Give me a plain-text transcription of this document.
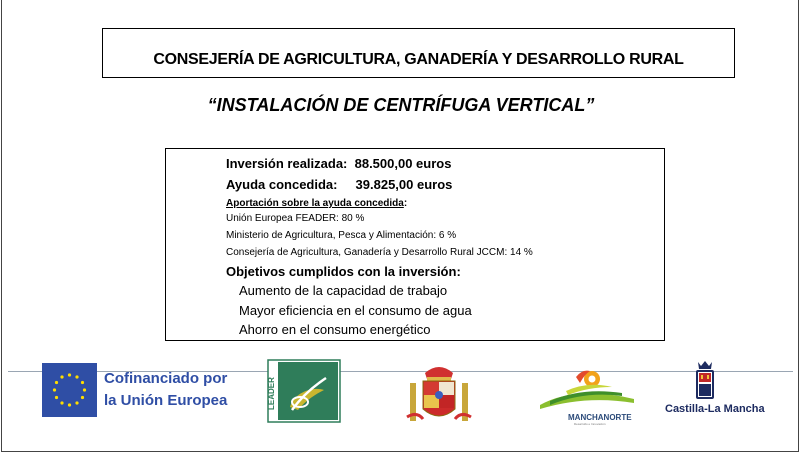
CONSEJERÍA DE AGRICULTURA, GANADERÍA Y DESARROLLO RURAL
“INSTALACIÓN DE CENTRÍFUGA VERTICAL”
Inversión realizada:  88.500,00 euros
Ayuda concedida:     39.825,00 euros
Aportación sobre la ayuda concedida:
Unión Europea FEADER: 80 %
Ministerio de Agricultura, Pesca y Alimentación: 6 %
Consejería de Agricultura, Ganadería y Desarrollo Rural JCCM: 14 %
Objetivos cumplidos con la inversión:
Aumento de la capacidad de trabajo
Mayor eficiencia en el consumo de agua
Ahorro en el consumo energético
Cofinanciado por
la Unión Europea	LEADER
MANCHANORTE
Desarrollo e Innovación
Castilla-La Mancha
